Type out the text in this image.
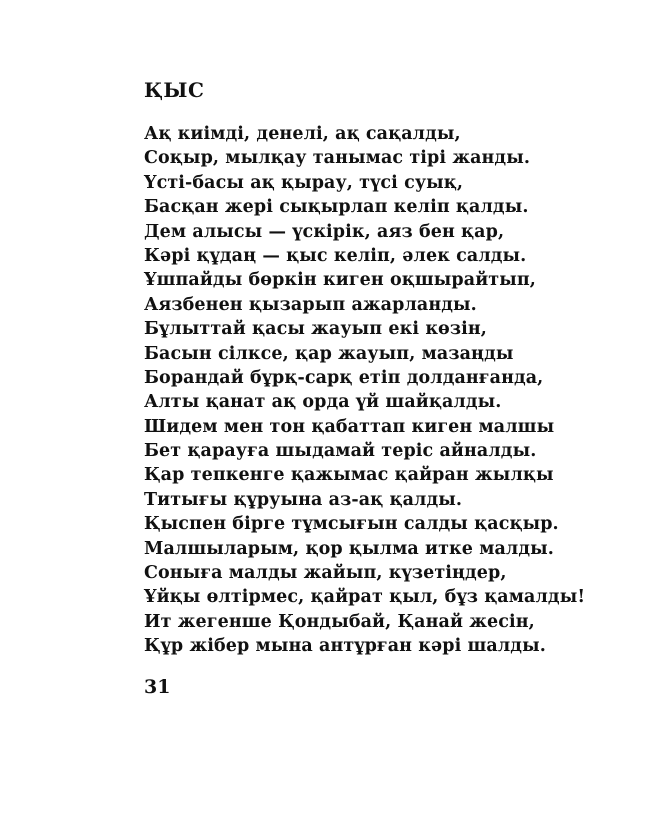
ҚЫС
Ақ киімді, денелі, ақ сақалды,
Соқыр, мылқау танымас тірі жанды.
Үсті-басы ақ қырау, түсі суық,
Басқан жері сықырлап келіп қалды.
Дем алысы — үскірік, аяз бен қар,
Кәрі құдаң — қыс келіп, әлек салды.
Ұшпайды бөркін киген оқшырайтып,
Аязбенен қызарып ажарланды.
Бұлыттай қасы жауып екі көзін,
Басын сілксе, қар жауып, мазаңды
Борандай бұрқ-сарқ етіп долданғанда,
Алты қанат ақ орда үй шайқалды.
Шидем мен тон қабаттап киген малшы
Бет қарауға шыдамай теріс айналды.
Қар тепкенге қажымас қайран жылқы
Титығы құруына аз-ақ қалды.
Қыспен бірге тұмсығын салды қасқыр.
Малшыларым, қор қылма иткe малды.
Соныға малды жайып, күзетіңдер,
Ұйқы өлтірмес, қайрат қыл, бұз қамалды!
Ит жегенше Қондыбай, Қанай жесін,
Құр жібер мына антұрған кәрі шалды.

31
